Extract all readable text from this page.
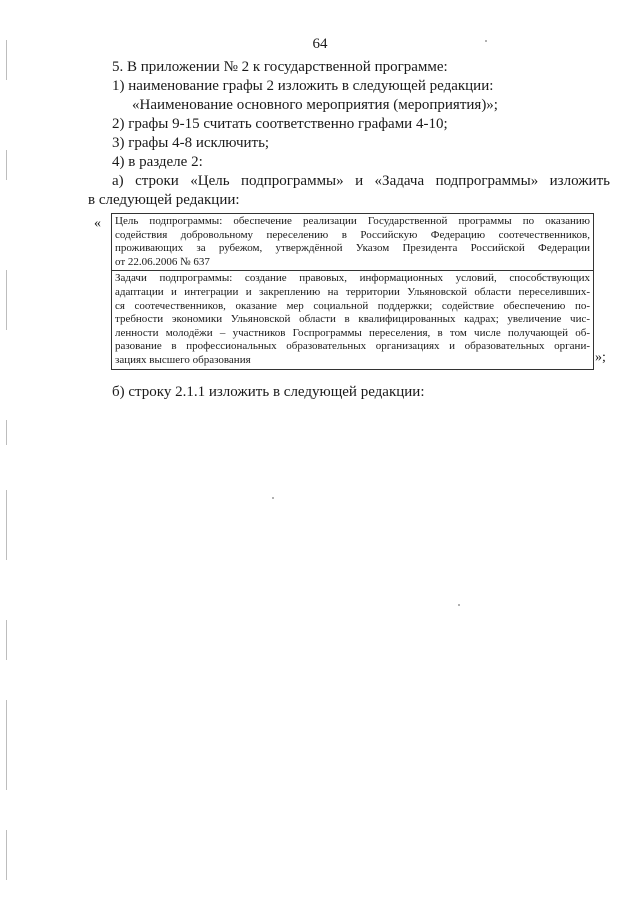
64
5. В приложении № 2 к государственной программе:
1) наименование графы 2 изложить в следующей редакции:
«Наименование основного мероприятия (мероприятия)»;
2) графы 9-15 считать соответственно графами 4-10;
3) графы 4-8 исключить;
4) в разделе 2:
а) строки «Цель подпрограммы» и «Задача подпрограммы» изложить
в следующей редакции:
« Цель подпрограммы: обеспечение реализации Государственной программы по оказанию
содействия добровольному переселению в Российскую Федерацию соотечественников,
проживающих за рубежом, утверждённой Указом Президента Российской Федерации
от 22.06.2006 № 637
Задачи подпрограммы: создание правовых, информационных условий, способствующих
адаптации и интеграции и закреплению на территории Ульяновской области переселивших-
ся соотечественников, оказание мер социальной поддержки; содействие обеспечению по-
требности экономики Ульяновской области в квалифицированных кадрах; увеличение чис-
ленности молодёжи – участников Госпрограммы переселения, в том числе получающей об-
разование в профессиональных образовательных организациях и образовательных органи-
зациях высшего образования	»;
б) строку 2.1.1 изложить в следующей редакции:
